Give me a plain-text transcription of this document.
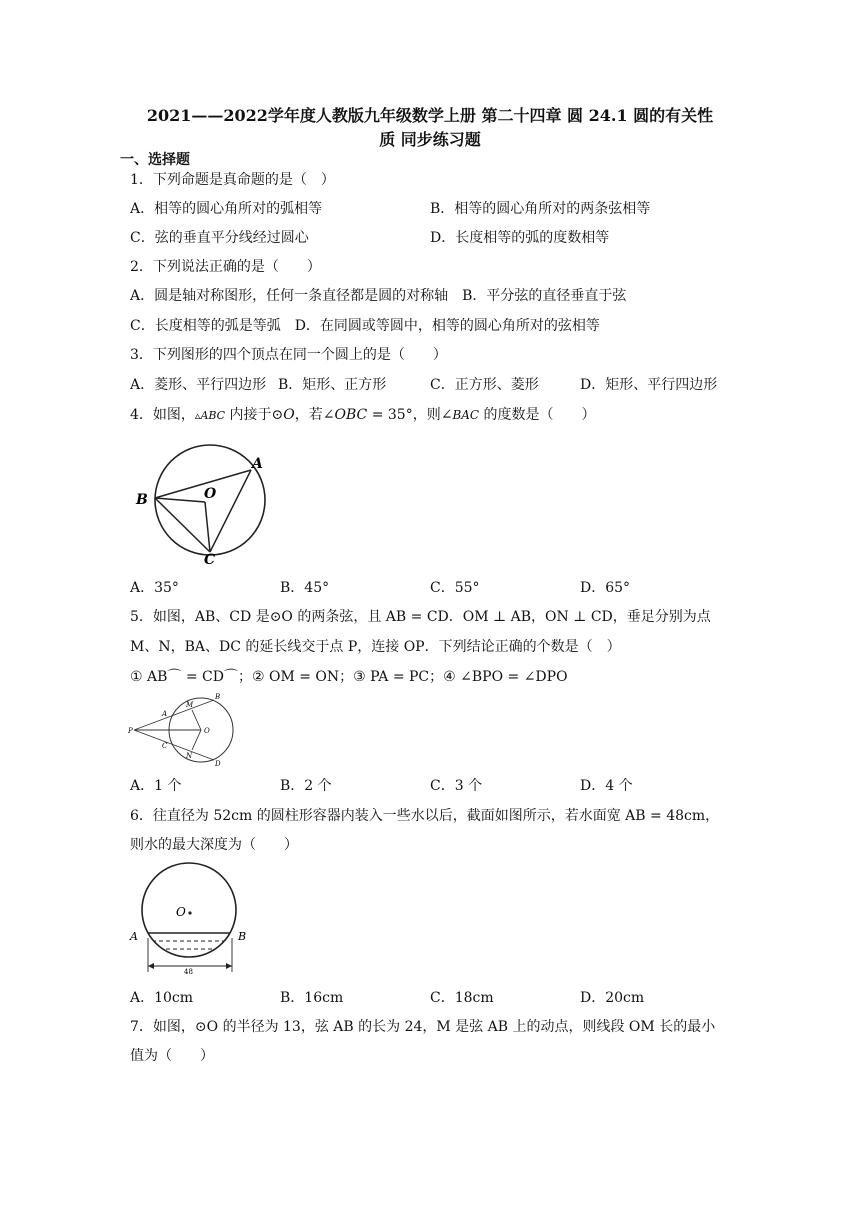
2021——2022学年度人教版九年级数学上册 第二十四章 圆 24.1 圆的有关性
质 同步练习题
一、选择题
1．下列命题是真命题的是（　）
A．相等的圆心角所对的弧相等	B．相等的圆心角所对的两条弦相等
C．弦的垂直平分线经过圆心	D．长度相等的弧的度数相等
2．下列说法正确的是（　　）
A．圆是轴对称图形，任何一条直径都是圆的对称轴　B．平分弦的直径垂直于弦
C．长度相等的弧是等弧　D．在同圆或等圆中，相等的圆心角所对的弦相等
3．下列图形的四个顶点在同一个圆上的是（　　）
A．菱形、平行四边形 B．矩形、正方形	C．正方形、菱形	D．矩形、平行四边形
4．如图，▵ABC 内接于⊙O，若∠OBC = 35°，则∠BAC 的度数是（　　）
A
B
C
O
A．35°	B．45°	C．55°	D．65°
5．如图，AB、CD 是⊙O 的两条弦，且 AB = CD．OM ⊥ AB，ON ⊥ CD，垂足分别为点
M、N，BA、DC 的延长线交于点 P，连接 OP．下列结论正确的个数是（　）
① AB⌒ = CD⌒；② OM = ON；③ PA = PC；④ ∠BPO = ∠DPO
P
A
M
B
C
N
D
O
A．1 个	B．2 个	C．3 个	D．4 个
6．往直径为 52cm 的圆柱形容器内装入一些水以后，截面如图所示，若水面宽 AB = 48cm，
则水的最大深度为（　　）
O
A	B
48
A．10cm	B．16cm	C．18cm	D．20cm
7．如图，⊙O 的半径为 13，弦 AB 的长为 24，M 是弦 AB 上的动点，则线段 OM 长的最小
值为（　　）
